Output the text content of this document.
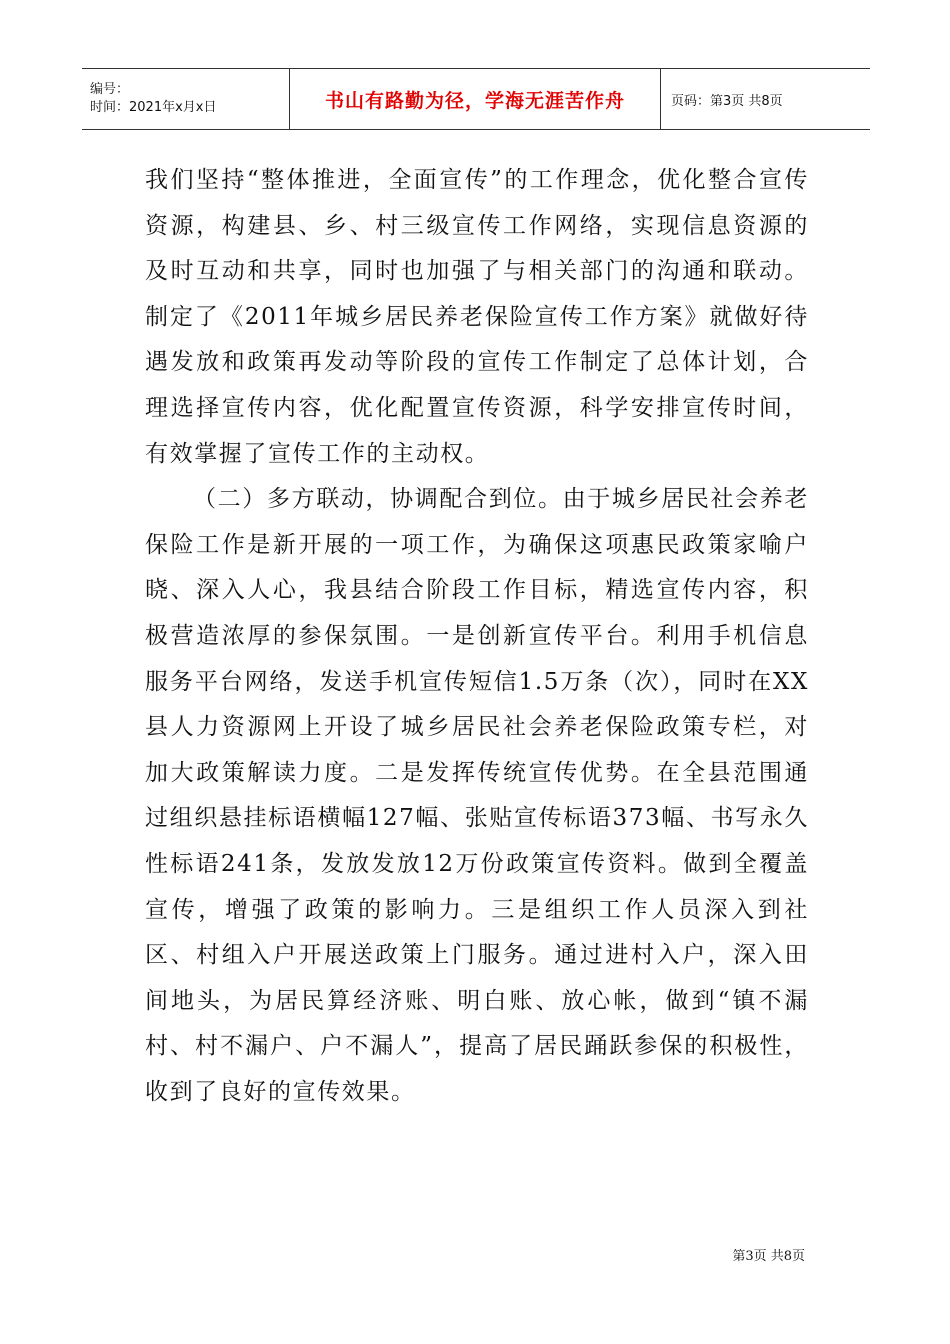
编号：
时间：2021年x月x日	书山有路勤为径，学海无涯苦作舟	页码：第3页 共8页

我们坚持“整体推进，全面宣传”的工作理念，优化整合宣传资源，构建县、乡、村三级宣传工作网络，实现信息资源的及时互动和共享，同时也加强了与相关部门的沟通和联动。制定了《2011年城乡居民养老保险宣传工作方案》就做好待遇发放和政策再发动等阶段的宣传工作制定了总体计划，合理选择宣传内容，优化配置宣传资源，科学安排宣传时间，有效掌握了宣传工作的主动权。

（二）多方联动，协调配合到位。由于城乡居民社会养老保险工作是新开展的一项工作，为确保这项惠民政策家喻户晓、深入人心，我县结合阶段工作目标，精选宣传内容，积极营造浓厚的参保氛围。一是创新宣传平台。利用手机信息服务平台网络，发送手机宣传短信1.5万条（次），同时在XX县人力资源网上开设了城乡居民社会养老保险政策专栏，对加大政策解读力度。二是发挥传统宣传优势。在全县范围通过组织悬挂标语横幅127幅、张贴宣传标语373幅、书写永久性标语241条，发放发放12万份政策宣传资料。做到全覆盖宣传，增强了政策的影响力。三是组织工作人员深入到社区、村组入户开展送政策上门服务。通过进村入户，深入田间地头，为居民算经济账、明白账、放心帐，做到“镇不漏村、村不漏户、户不漏人”，提高了居民踊跃参保的积极性，收到了良好的宣传效果。

第3页 共8页
